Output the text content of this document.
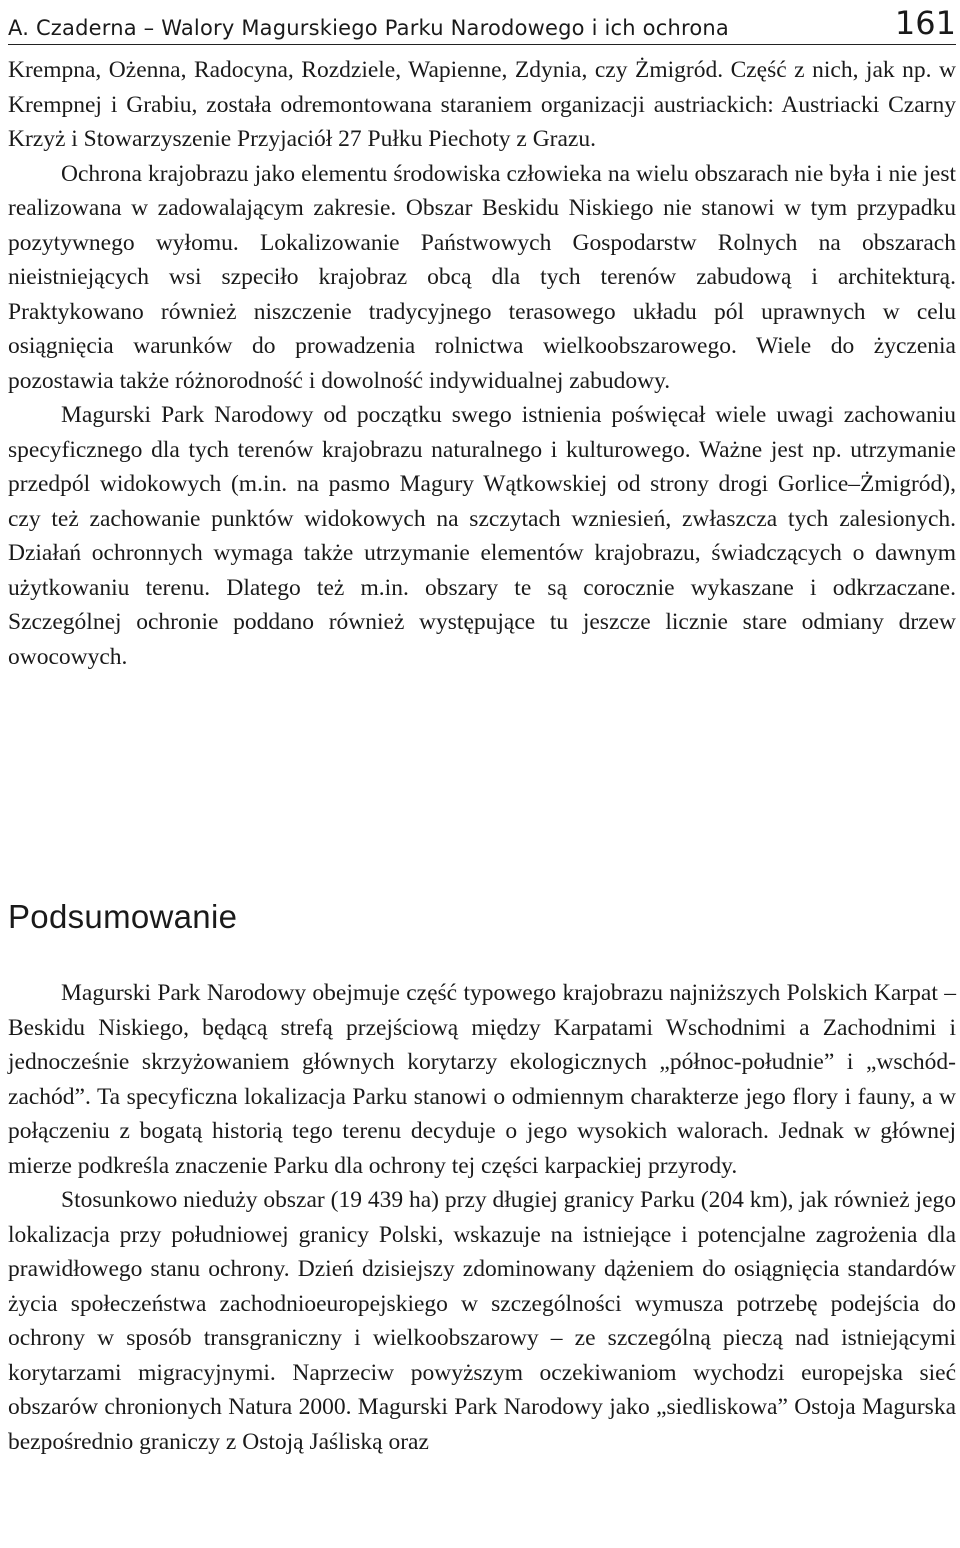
A. Czaderna – Walory Magurskiego Parku Narodowego i ich ochrona	161

Krempna, Ożenna, Radocyna, Rozdziele, Wapienne, Zdynia, czy Żmigród. Część z nich, jak np. w Krempnej i Grabiu, została odremontowana staraniem organizacji austriackich: Austriacki Czarny Krzyż i Stowarzyszenie Przyjaciół 27 Pułku Piechoty z Grazu.

Ochrona krajobrazu jako elementu środowiska człowieka na wielu obszarach nie była i nie jest realizowana w zadowalającym zakresie. Obszar Beskidu Niskiego nie stanowi w tym przypadku pozytywnego wyłomu. Lokalizowanie Państwowych Gospodarstw Rolnych na obszarach nieistniejących wsi szpeciło krajobraz obcą dla tych terenów zabudową i architekturą. Praktykowano również niszczenie tradycyjnego terasowego układu pól uprawnych w celu osiągnięcia warunków do prowadzenia rolnictwa wielkoobszarowego. Wiele do życzenia pozostawia także różnorodność i dowolność indywidualnej zabudowy.

Magurski Park Narodowy od początku swego istnienia poświęcał wiele uwagi zachowaniu specyficznego dla tych terenów krajobrazu naturalnego i kulturowego. Ważne jest np. utrzymanie przedpól widokowych (m.in. na pasmo Magury Wątkowskiej od strony drogi Gorlice–Żmigród), czy też zachowanie punktów widokowych na szczytach wzniesień, zwłaszcza tych zalesionych. Działań ochronnych wymaga także utrzymanie elementów krajobrazu, świadczących o dawnym użytkowaniu terenu. Dlatego też m.in. obszary te są corocznie wykaszane i odkrzaczane. Szczególnej ochronie poddano również występujące tu jeszcze licznie stare odmiany drzew owocowych.

Podsumowanie

Magurski Park Narodowy obejmuje część typowego krajobrazu najniższych Polskich Karpat – Beskidu Niskiego, będącą strefą przejściową między Karpatami Wschodnimi a Zachodnimi i jednocześnie skrzyżowaniem głównych korytarzy ekologicznych „północ-południe” i „wschód-zachód”. Ta specyficzna lokalizacja Parku stanowi o odmiennym charakterze jego flory i fauny, a w połączeniu z bogatą historią tego terenu decyduje o jego wysokich walorach. Jednak w głównej mierze podkreśla znaczenie Parku dla ochrony tej części karpackiej przyrody.

Stosunkowo nieduży obszar (19 439 ha) przy długiej granicy Parku (204 km), jak również jego lokalizacja przy południowej granicy Polski, wskazuje na istniejące i potencjalne zagrożenia dla prawidłowego stanu ochrony. Dzień dzisiejszy zdominowany dążeniem do osiągnięcia standardów życia społeczeństwa zachodnioeuropejskiego w szczególności wymusza potrzebę podejścia do ochrony w sposób transgraniczny i wielkoobszarowy – ze szczególną pieczą nad istniejącymi korytarzami migracyjnymi. Naprzeciw powyższym oczekiwaniom wychodzi europejska sieć obszarów chronionych Natura 2000. Magurski Park Narodowy jako „siedliskowa” Ostoja Magurska bezpośrednio graniczy z Ostoją Jaśliską oraz
